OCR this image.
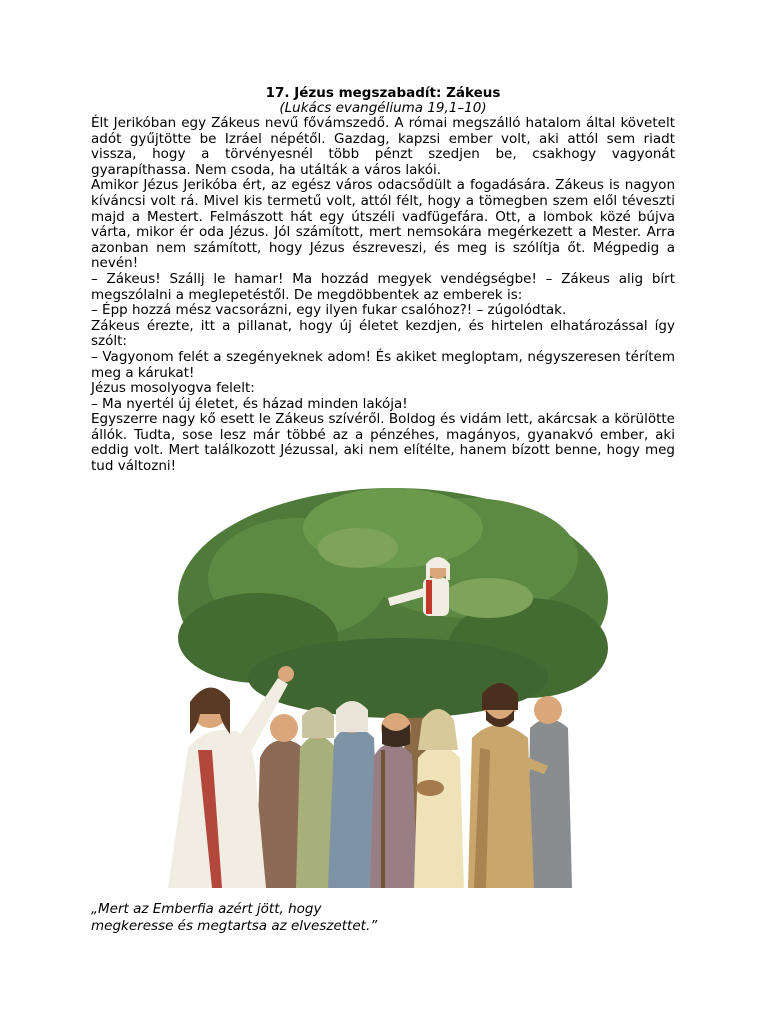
17. Jézus megszabadít: Zákeus
(Lukács evangéliuma 19,1–10)

Élt Jerikóban egy Zákeus nevű fővámszedő. A római megszálló hatalom által követelt adót gyűjtötte be Izráel népétől. Gazdag, kapzsi ember volt, aki attól sem riadt vissza, hogy a törvényesnél több pénzt szedjen be, csakhogy vagyonát gyarapíthassa. Nem csoda, ha utálták a város lakói.

Amikor Jézus Jerikóba ért, az egész város odacsődült a fogadására. Zákeus is nagyon kíváncsi volt rá. Mivel kis termetű volt, attól félt, hogy a tömegben szem elől téveszti majd a Mestert. Felmászott hát egy útszéli vadfügefára. Ott, a lombok közé bújva várta, mikor ér oda Jézus. Jól számított, mert nemsokára megérkezett a Mester. Arra azonban nem számított, hogy Jézus észreveszi, és meg is szólítja őt. Mégpedig a nevén!

– Zákeus! Szállj le hamar! Ma hozzád megyek vendégségbe! – Zákeus alig bírt megszólalni a meglepetéstől. De megdöbbentek az emberek is:

– Épp hozzá mész vacsorázni, egy ilyen fukar csalóhoz?! – zúgolódtak.

Zákeus érezte, itt a pillanat, hogy új életet kezdjen, és hirtelen elhatározással így szólt:

– Vagyonom felét a szegényeknek adom! És akiket megloptam, négyszeresen térítem meg a kárukat!

Jézus mosolyogva felelt:

– Ma nyertél új életet, és házad minden lakója!

Egyszerre nagy kő esett le Zákeus szívéről. Boldog és vidám lett, akárcsak a körülötte állók. Tudta, sose lesz már többé az a pénzéhes, magányos, gyanakvó ember, aki eddig volt. Mert találkozott Jézussal, aki nem elítélte, hanem bízott benne, hogy meg tud változni!

„Mert az Emberfia azért jött, hogy
megkeresse és megtartsa az elveszettet.”
